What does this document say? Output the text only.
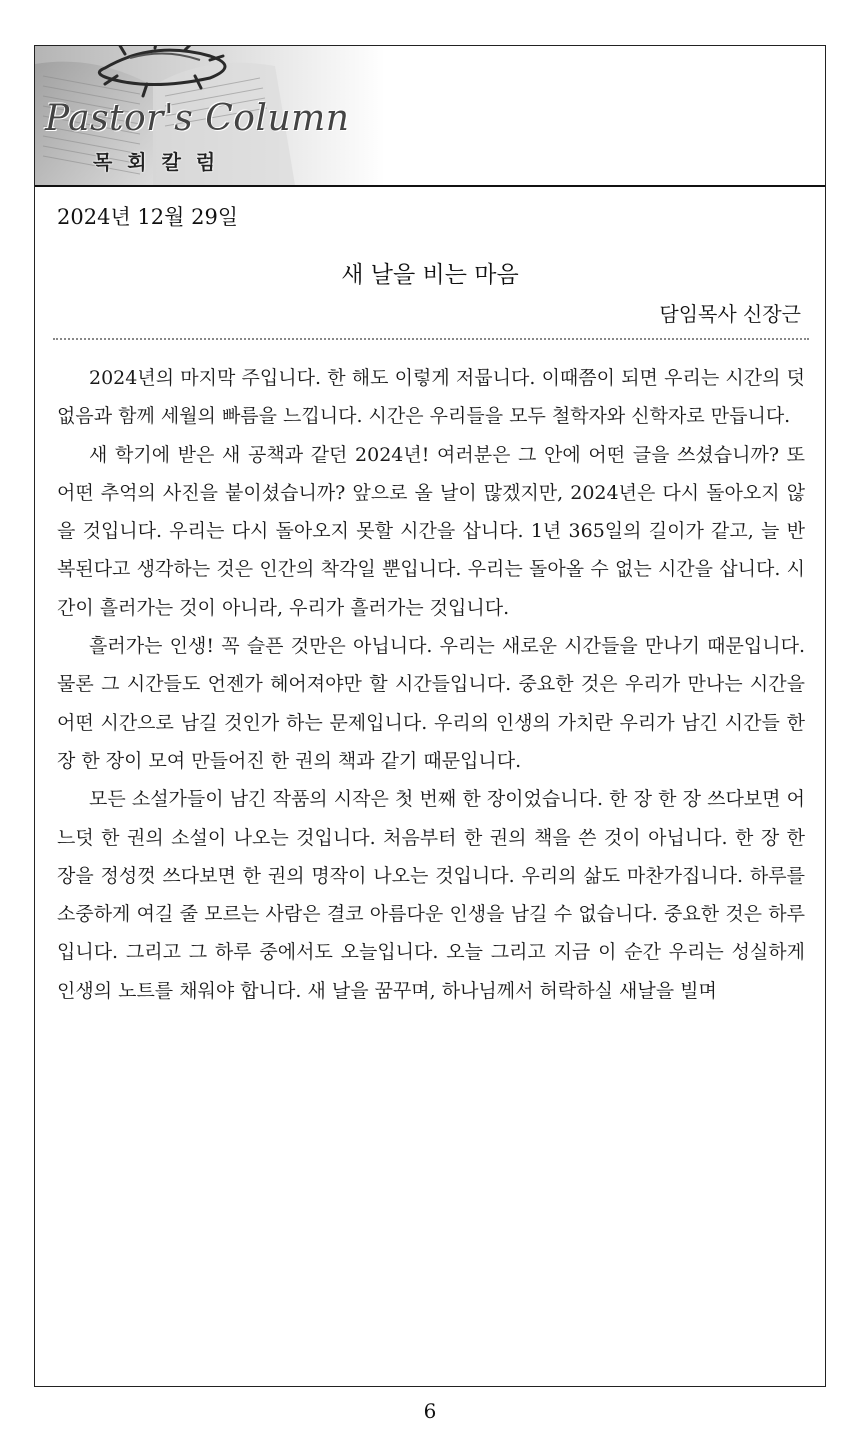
Pastor's Column
목 회 칼 럼
2024년 12월 29일
새 날을 비는 마음
담임목사 신장근

2024년의 마지막 주입니다. 한 해도 이렇게 저뭅니다. 이때쯤이 되면 우리는 시간의 덧없음과 함께 세월의 빠름을 느낍니다. 시간은 우리들을 모두 철학자와 신학자로 만듭니다.

새 학기에 받은 새 공책과 같던 2024년! 여러분은 그 안에 어떤 글을 쓰셨습니까? 또 어떤 추억의 사진을 붙이셨습니까? 앞으로 올 날이 많겠지만, 2024년은 다시 돌아오지 않을 것입니다. 우리는 다시 돌아오지 못할 시간을 삽니다. 1년 365일의 길이가 같고, 늘 반복된다고 생각하는 것은 인간의 착각일 뿐입니다. 우리는 돌아올 수 없는 시간을 삽니다. 시간이 흘러가는 것이 아니라, 우리가 흘러가는 것입니다.

흘러가는 인생! 꼭 슬픈 것만은 아닙니다. 우리는 새로운 시간들을 만나기 때문입니다. 물론 그 시간들도 언젠가 헤어져야만 할 시간들입니다. 중요한 것은 우리가 만나는 시간을 어떤 시간으로 남길 것인가 하는 문제입니다. 우리의 인생의 가치란 우리가 남긴 시간들 한 장 한 장이 모여 만들어진 한 권의 책과 같기 때문입니다.

모든 소설가들이 남긴 작품의 시작은 첫 번째 한 장이었습니다. 한 장 한 장 쓰다보면 어느덧 한 권의 소설이 나오는 것입니다. 처음부터 한 권의 책을 쓴 것이 아닙니다. 한 장 한 장을 정성껏 쓰다보면 한 권의 명작이 나오는 것입니다. 우리의 삶도 마찬가집니다. 하루를 소중하게 여길 줄 모르는 사람은 결코 아름다운 인생을 남길 수 없습니다. 중요한 것은 하루입니다. 그리고 그 하루 중에서도 오늘입니다. 오늘 그리고 지금 이 순간 우리는 성실하게 인생의 노트를 채워야 합니다. 새 날을 꿈꾸며, 하나님께서 허락하실 새날을 빌며

6
